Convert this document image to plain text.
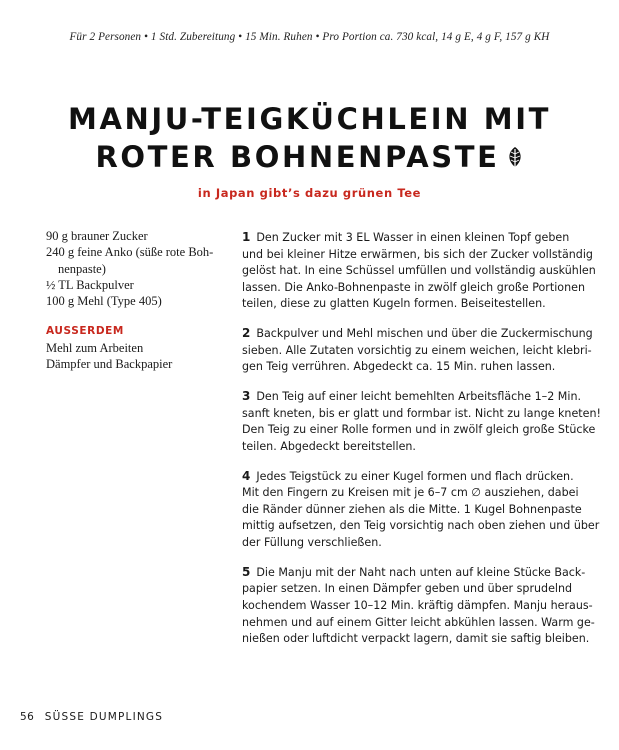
Für 2 Personen • 1 Std. Zubereitung • 15 Min. Ruhen • Pro Portion ca. 730 kcal, 14 g E, 4 g F, 157 g KH
MANJU-TEIGKÜCHLEIN MIT
ROTER BOHNENPASTE
in Japan gibt’s dazu grünen Tee
90 g brauner Zucker
240 g feine Anko (süße rote Boh-
nenpaste)
½ TL Backpulver
100 g Mehl (Type 405)
AUSSERDEM
Mehl zum Arbeiten
Dämpfer und Backpapier
1 Den Zucker mit 3 EL Wasser in einen kleinen Topf geben
und bei kleiner Hitze erwärmen, bis sich der Zucker vollständig
gelöst hat. In eine Schüssel umfüllen und vollständig auskühlen
lassen. Die Anko-Bohnenpaste in zwölf gleich große Portionen
teilen, diese zu glatten Kugeln formen. Beiseitestellen.
2 Backpulver und Mehl mischen und über die Zuckermischung
sieben. Alle Zutaten vorsichtig zu einem weichen, leicht klebri-
gen Teig verrühren. Abgedeckt ca. 15 Min. ruhen lassen.
3 Den Teig auf einer leicht bemehlten Arbeitsfläche 1–2 Min.
sanft kneten, bis er glatt und formbar ist. Nicht zu lange kneten!
Den Teig zu einer Rolle formen und in zwölf gleich große Stücke
teilen. Abgedeckt bereitstellen.
4 Jedes Teigstück zu einer Kugel formen und flach drücken.
Mit den Fingern zu Kreisen mit je 6–7 cm ∅ ausziehen, dabei
die Ränder dünner ziehen als die Mitte. 1 Kugel Bohnenpaste
mittig aufsetzen, den Teig vorsichtig nach oben ziehen und über
der Füllung verschließen.
5 Die Manju mit der Naht nach unten auf kleine Stücke Back-
papier setzen. In einen Dämpfer geben und über sprudelnd
kochendem Wasser 10–12 Min. kräftig dämpfen. Manju heraus-
nehmen und auf einem Gitter leicht abkühlen lassen. Warm ge-
nießen oder luftdicht verpackt lagern, damit sie saftig bleiben.
56 SÜSSE DUMPLINGS
